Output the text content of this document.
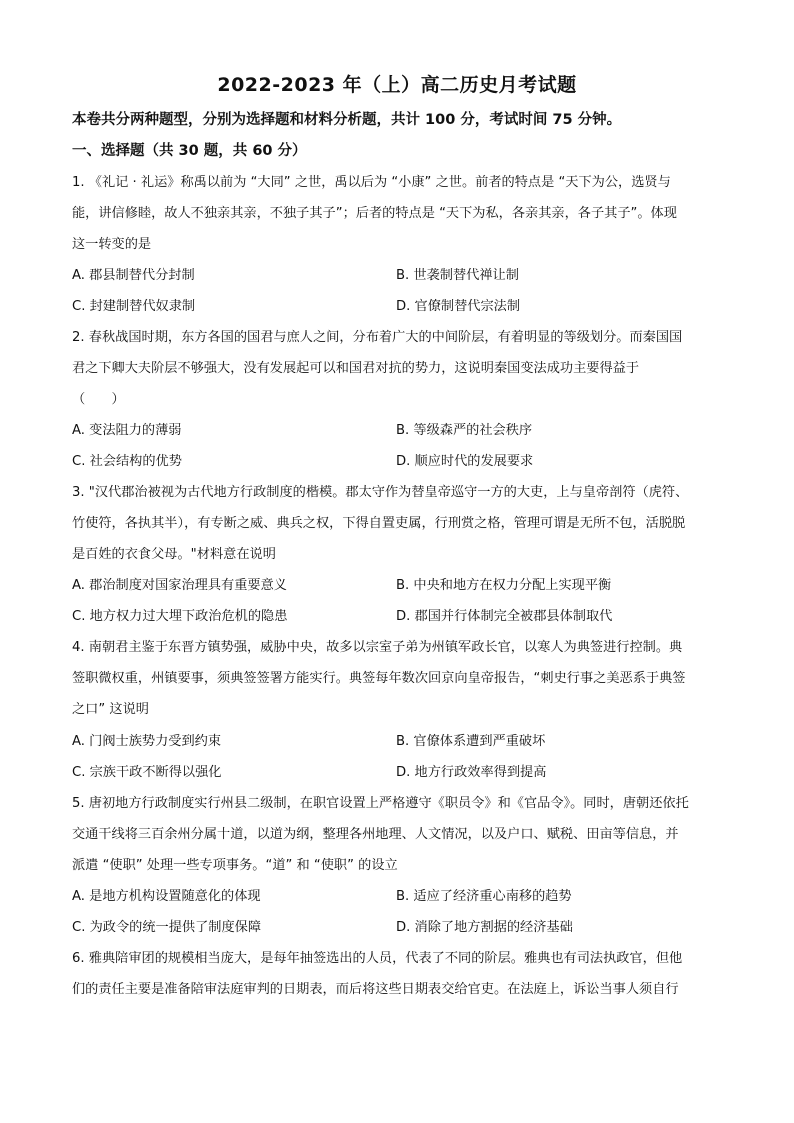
2022-2023 年（上）高二历史月考试题
本卷共分两种题型，分别为选择题和材料分析题，共计 100 分，考试时间 75 分钟。
一、选择题（共 30 题，共 60 分）
1. 《礼记 · 礼运》称禹以前为 “大同” 之世，禹以后为 “小康” 之世。前者的特点是 “天下为公，选贤与
能，讲信修睦，故人不独亲其亲，不独子其子”；后者的特点是 “天下为私，各亲其亲，各子其子”。体现
这一转变的是
A. 郡县制替代分封制	B. 世袭制替代禅让制
C. 封建制替代奴隶制	D. 官僚制替代宗法制
2. 春秋战国时期，东方各国的国君与庶人之间，分布着广大的中间阶层，有着明显的等级划分。而秦国国
君之下卿大夫阶层不够强大，没有发展起可以和国君对抗的势力，这说明秦国变法成功主要得益于
（　　）
A. 变法阻力的薄弱	B. 等级森严的社会秩序
C. 社会结构的优势	D. 顺应时代的发展要求
3. "汉代郡治被视为古代地方行政制度的楷模。郡太守作为替皇帝巡守一方的大吏，上与皇帝剖符（虎符、
竹使符，各执其半），有专断之威、典兵之权，下得自置吏属，行刑赏之格，管理可谓是无所不包，活脱脱
是百姓的衣食父母。"材料意在说明
A. 郡治制度对国家治理具有重要意义	B. 中央和地方在权力分配上实现平衡
C. 地方权力过大埋下政治危机的隐患	D. 郡国并行体制完全被郡县体制取代
4. 南朝君主鉴于东晋方镇势强，威胁中央，故多以宗室子弟为州镇军政长官，以寒人为典签进行控制。典
签职微权重，州镇要事，须典签签署方能实行。典签每年数次回京向皇帝报告，“刺史行事之美恶系于典签
之口” 这说明
A. 门阀士族势力受到约束	B. 官僚体系遭到严重破坏
C. 宗族干政不断得以强化	D. 地方行政效率得到提高
5. 唐初地方行政制度实行州县二级制，在职官设置上严格遵守《职员令》和《官品令》。同时，唐朝还依托
交通干线将三百余州分属十道，以道为纲，整理各州地理、人文情况，以及户口、赋税、田亩等信息，并
派遣 “使职” 处理一些专项事务。“道” 和 “使职” 的设立
A. 是地方机构设置随意化的体现	B. 适应了经济重心南移的趋势
C. 为政令的统一提供了制度保障	D. 消除了地方割据的经济基础
6. 雅典陪审团的规模相当庞大，是每年抽签选出的人员，代表了不同的阶层。雅典也有司法执政官，但他
们的责任主要是准备陪审法庭审判的日期表，而后将这些日期表交给官吏。在法庭上，诉讼当事人须自行
